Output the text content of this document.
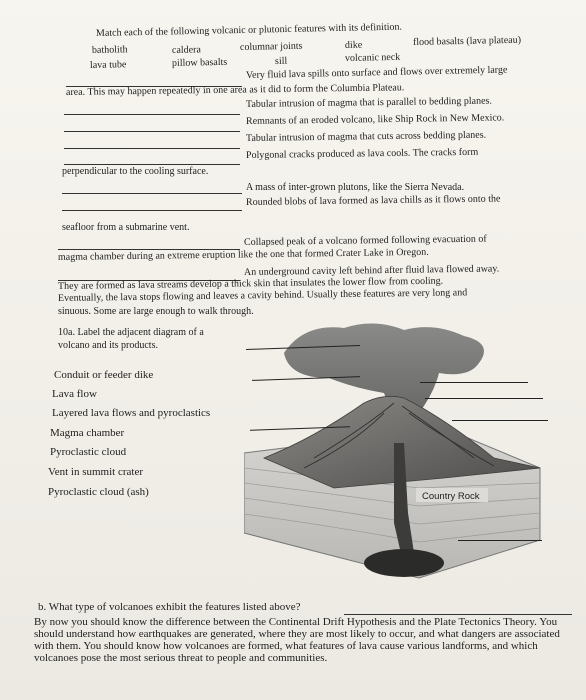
Match each of the following volcanic or plutonic features with its definition.
batholith	caldera	columnar joints	dike	flood basalts (lava plateau)
lava tube	pillow basalts	sill	volcanic neck
Very fluid lava spills onto surface and flows over extremely large
area. This may happen repeatedly in one area as it did to form the Columbia Plateau.
Tabular intrusion of magma that is parallel to bedding planes.
Remnants of an eroded volcano, like Ship Rock in New Mexico.
Tabular intrusion of magma that cuts across bedding planes.
Polygonal cracks produced as lava cools. The cracks form
perpendicular to the cooling surface.
A mass of inter-grown plutons, like the Sierra Nevada.
Rounded blobs of lava formed as lava chills as it flows onto the
seafloor from a submarine vent.
Collapsed peak of a volcano formed following evacuation of
magma chamber during an extreme eruption like the one that formed Crater Lake in Oregon.
An underground cavity left behind after fluid lava flowed away.
They are formed as lava streams develop a thick skin that insulates the lower flow from cooling.
Eventually, the lava stops flowing and leaves a cavity behind. Usually these features are very long and
sinuous. Some are large enough to walk through.
10a. Label the adjacent diagram of a
volcano and its products.
Conduit or feeder dike
Lava flow
Layered lava flows and pyroclastics
Magma chamber
Pyroclastic cloud
Vent in summit crater
Pyroclastic cloud (ash)	Country Rock
b. What type of volcanoes exhibit the features listed above?
By now you should know the difference between the Continental Drift Hypothesis and the Plate Tectonics Theory. You should understand how earthquakes are generated, where they are most likely to occur, and what dangers are associated with them. You should know how volcanoes are formed, what features of lava cause various landforms, and which volcanoes pose the most serious threat to people and communities.
